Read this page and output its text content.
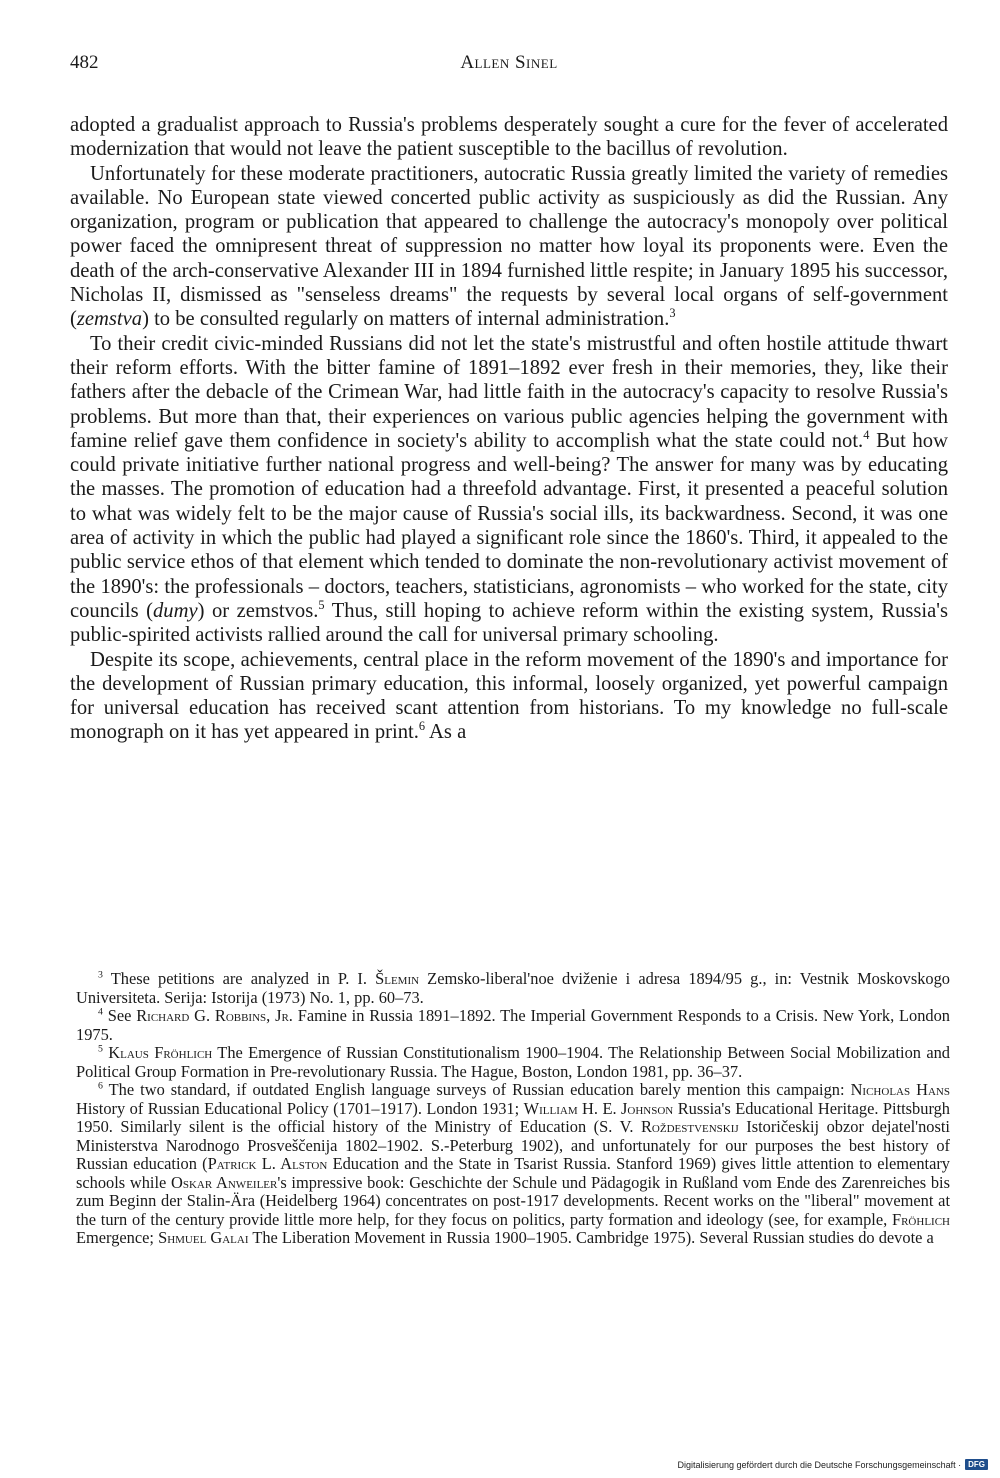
482	Allen Sinel

adopted a gradualist approach to Russia's problems desperately sought a cure for the fever of accelerated modernization that would not leave the patient susceptible to the bacillus of revolution.

Unfortunately for these moderate practitioners, autocratic Russia greatly limited the variety of remedies available. No European state viewed concerted public activity as suspiciously as did the Russian. Any organization, program or publication that appeared to challenge the autocracy's monopoly over political power faced the omnipresent threat of suppression no matter how loyal its proponents were. Even the death of the arch-conservative Alexander III in 1894 furnished little respite; in January 1895 his successor, Nicholas II, dismissed as "senseless dreams" the requests by several local organs of self-government (zemstva) to be consulted regularly on matters of internal administration.$^3$

To their credit civic-minded Russians did not let the state's mistrustful and often hostile attitude thwart their reform efforts. With the bitter famine of 1891–1892 ever fresh in their memories, they, like their fathers after the debacle of the Crimean War, had little faith in the autocracy's capacity to resolve Russia's problems. But more than that, their experiences on various public agencies helping the government with famine relief gave them confidence in society's ability to accomplish what the state could not.$^4$ But how could private initiative further national progress and well-being? The answer for many was by educating the masses. The promotion of education had a threefold advantage. First, it presented a peaceful solution to what was widely felt to be the major cause of Russia's social ills, its backwardness. Second, it was one area of activity in which the public had played a significant role since the 1860's. Third, it appealed to the public service ethos of that element which tended to dominate the non-revolutionary activist movement of the 1890's: the professionals – doctors, teachers, statisticians, agronomists – who worked for the state, city councils (dumy) or zemstvos.$^5$ Thus, still hoping to achieve reform within the existing system, Russia's public-spirited activists rallied around the call for universal primary schooling.

Despite its scope, achievements, central place in the reform movement of the 1890's and importance for the development of Russian primary education, this informal, loosely organized, yet powerful campaign for universal education has received scant attention from historians. To my knowledge no full-scale monograph on it has yet appeared in print.$^6$ As a

$^3$ These petitions are analyzed in P. I. Šlemin Zemsko-liberal'noe dviženie i adresa 1894/95 g., in: Vestnik Moskovskogo Universiteta. Serija: Istorija (1973) No. 1, pp. 60–73.

$^4$ See Richard G. Robbins, Jr. Famine in Russia 1891–1892. The Imperial Government Responds to a Crisis. New York, London 1975.

$^5$ Klaus Fröhlich The Emergence of Russian Constitutionalism 1900–1904. The Relationship Between Social Mobilization and Political Group Formation in Pre-revolutionary Russia. The Hague, Boston, London 1981, pp. 36–37.

$^6$ The two standard, if outdated English language surveys of Russian education barely mention this campaign: Nicholas Hans History of Russian Educational Policy (1701–1917). London 1931; William H. E. Johnson Russia's Educational Heritage. Pittsburgh 1950. Similarly silent is the official history of the Ministry of Education (S. V. Roždestvenskij Istoričeskij obzor dejatel'nosti Ministerstva Narodnogo Prosveščenija 1802–1902. S.-Peterburg 1902), and unfortunately for our purposes the best history of Russian education (Patrick L. Alston Education and the State in Tsarist Russia. Stanford 1969) gives little attention to elementary schools while Oskar Anweiler's impressive book: Geschichte der Schule und Pädagogik in Rußland vom Ende des Zarenreiches bis zum Beginn der Stalin-Ära (Heidelberg 1964) concentrates on post-1917 developments. Recent works on the "liberal" movement at the turn of the century provide little more help, for they focus on politics, party formation and ideology (see, for example, Fröhlich Emergence; Shmuel Galai The Liberation Movement in Russia 1900–1905. Cambridge 1975). Several Russian studies do devote a

Digitalisierung gefördert durch die Deutsche Forschungsgemeinschaft · DFG
